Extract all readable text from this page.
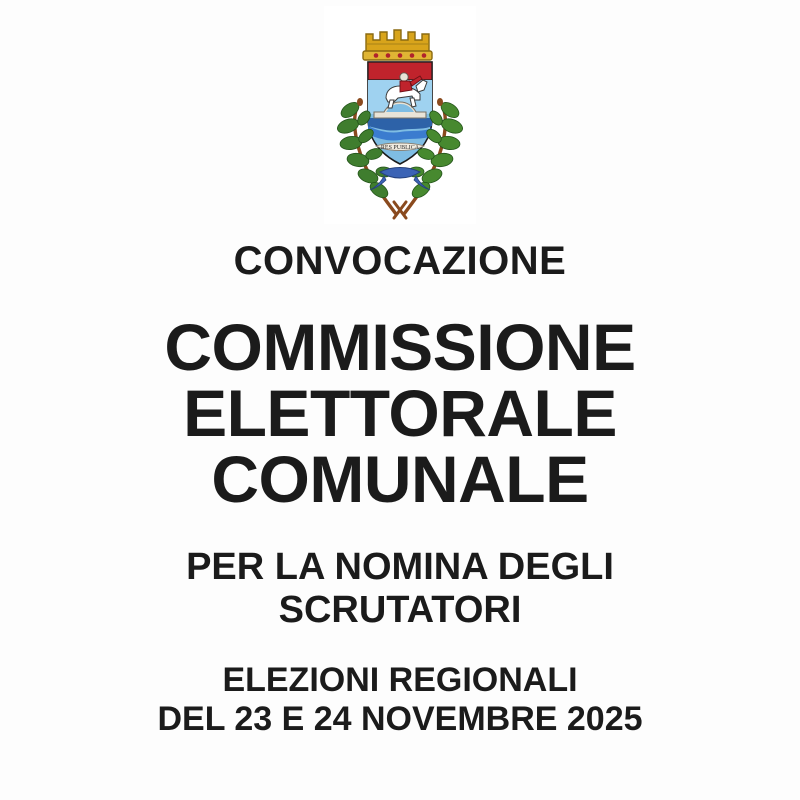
RES PUBLICA
CONVOCAZIONE
COMMISSIONE
ELETTORALE
COMUNALE
PER LA NOMINA DEGLI
SCRUTATORI
ELEZIONI REGIONALI
DEL 23 E 24 NOVEMBRE 2025
